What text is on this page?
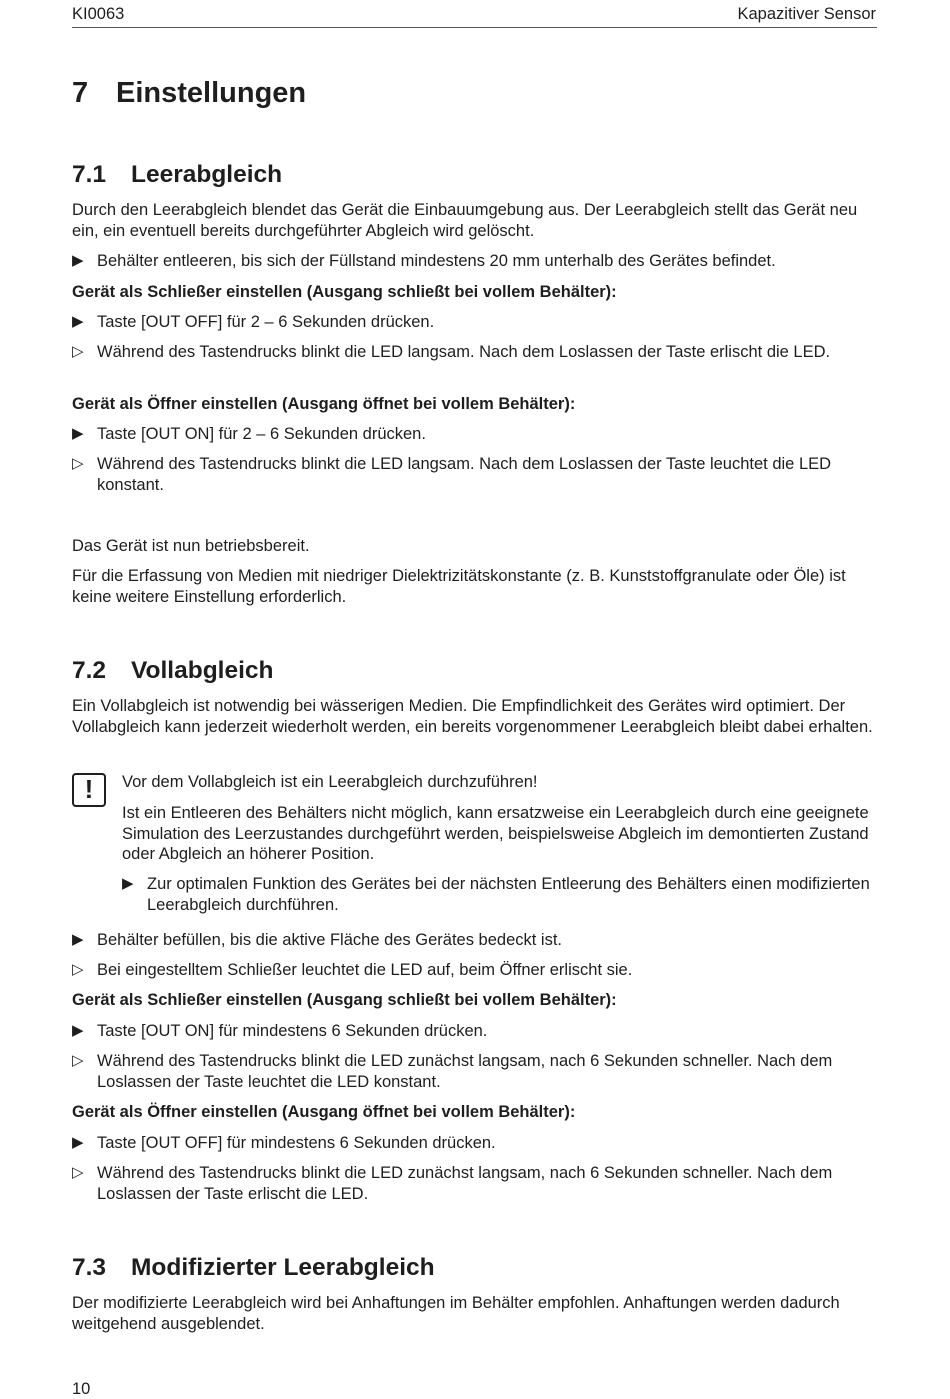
KI0063	Kapazitiver Sensor
7 Einstellungen
7.1 Leerabgleich
Durch den Leerabgleich blendet das Gerät die Einbauumgebung aus. Der Leerabgleich stellt das Gerät neu ein, ein eventuell bereits durchgeführter Abgleich wird gelöscht.
▶ Behälter entleeren, bis sich der Füllstand mindestens 20 mm unterhalb des Gerätes befindet.
Gerät als Schließer einstellen (Ausgang schließt bei vollem Behälter):
▶ Taste [OUT OFF] für 2 – 6 Sekunden drücken.
▷ Während des Tastendrucks blinkt die LED langsam. Nach dem Loslassen der Taste erlischt die LED.
Gerät als Öffner einstellen (Ausgang öffnet bei vollem Behälter):
▶ Taste [OUT ON] für 2 – 6 Sekunden drücken.
▷ Während des Tastendrucks blinkt die LED langsam. Nach dem Loslassen der Taste leuchtet die LED konstant.
Das Gerät ist nun betriebsbereit.
Für die Erfassung von Medien mit niedriger Dielektrizitätskonstante (z. B. Kunststoffgranulate oder Öle) ist keine weitere Einstellung erforderlich.
7.2 Vollabgleich
Ein Vollabgleich ist notwendig bei wässerigen Medien. Die Empfindlichkeit des Gerätes wird optimiert. Der Vollabgleich kann jederzeit wiederholt werden, ein bereits vorgenommener Leerabgleich bleibt dabei erhalten.
!	Vor dem Vollabgleich ist ein Leerabgleich durchzuführen!
Ist ein Entleeren des Behälters nicht möglich, kann ersatzweise ein Leerabgleich durch eine geeignete Simulation des Leerzustandes durchgeführt werden, beispielsweise Abgleich im demontierten Zustand oder Abgleich an höherer Position.
▶ Zur optimalen Funktion des Gerätes bei der nächsten Entleerung des Behälters einen modifizierten Leerabgleich durchführen.
▶ Behälter befüllen, bis die aktive Fläche des Gerätes bedeckt ist.
▷ Bei eingestelltem Schließer leuchtet die LED auf, beim Öffner erlischt sie.
Gerät als Schließer einstellen (Ausgang schließt bei vollem Behälter):
▶ Taste [OUT ON] für mindestens 6 Sekunden drücken.
▷ Während des Tastendrucks blinkt die LED zunächst langsam, nach 6 Sekunden schneller. Nach dem Loslassen der Taste leuchtet die LED konstant.
Gerät als Öffner einstellen (Ausgang öffnet bei vollem Behälter):
▶ Taste [OUT OFF] für mindestens 6 Sekunden drücken.
▷ Während des Tastendrucks blinkt die LED zunächst langsam, nach 6 Sekunden schneller. Nach dem Loslassen der Taste erlischt die LED.
7.3 Modifizierter Leerabgleich
Der modifizierte Leerabgleich wird bei Anhaftungen im Behälter empfohlen. Anhaftungen werden dadurch weitgehend ausgeblendet.
10
